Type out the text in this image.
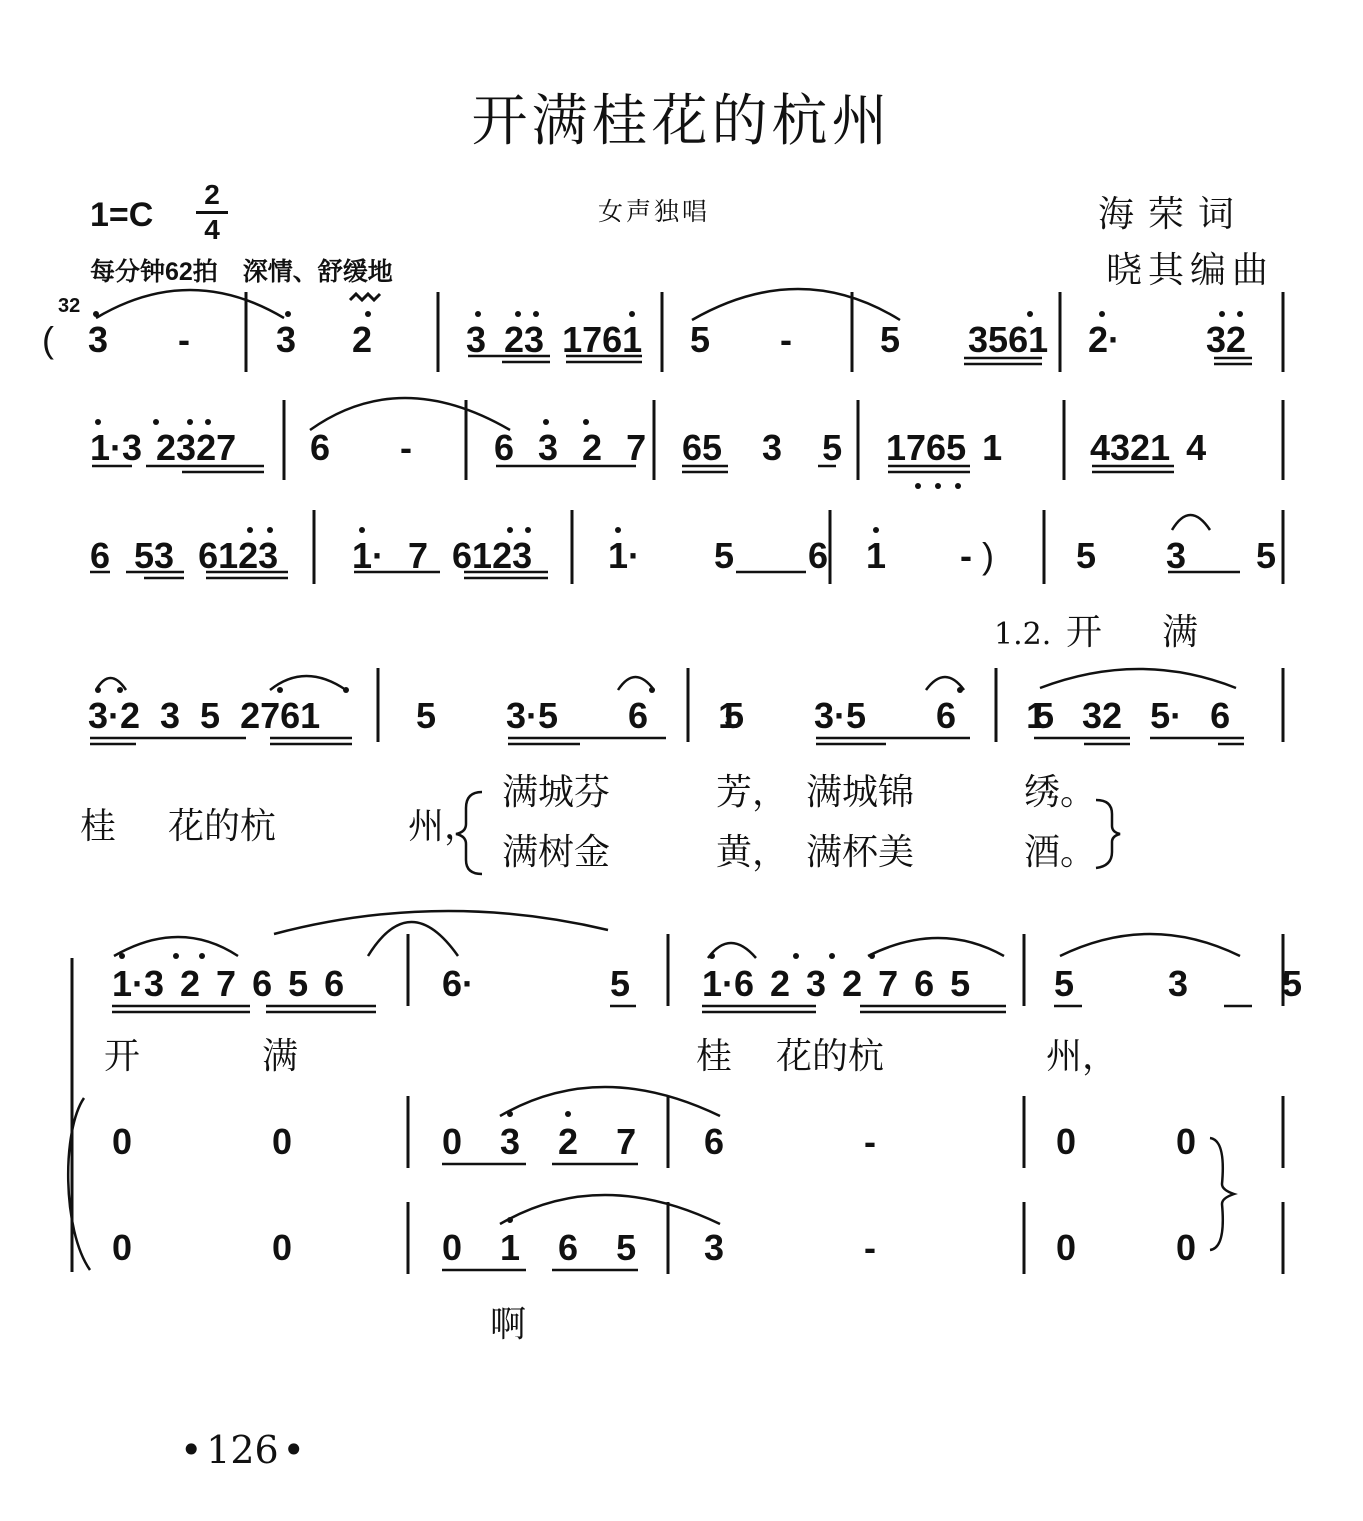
开满桂花的杭州
1=C
2
4
每分钟62拍　深情、舒缓地
女声独唱	海荣词
晓其编曲
32
( 3 - 3 2	3 23 1761 5 - 5 3561 2· 32
1·3 2327 6 - 6 3 2 7 65 3 5 1765 1 4321 4
6 53 6123 1· 7 6123 1· 5 6 1 - ) 5 3 5
1.2. 开 满
3·2 3 5 2761	5 3·5 6 1
5 3·5 6 1
5 32 5· 6
桂 花的杭	州，
满城芬	芳， 满城锦	绣。
满树金	黄， 满杯美	酒。
1·3 2 7 6 5 6	6· 5 1·6 2 3 2 7 6 5 5 3 5
开	满	桂 花的杭	州，
0 0	0 3 2 7 6 -	0 0
0 0	0 1 6 5 3 -	0 0
啊
• 126 •
